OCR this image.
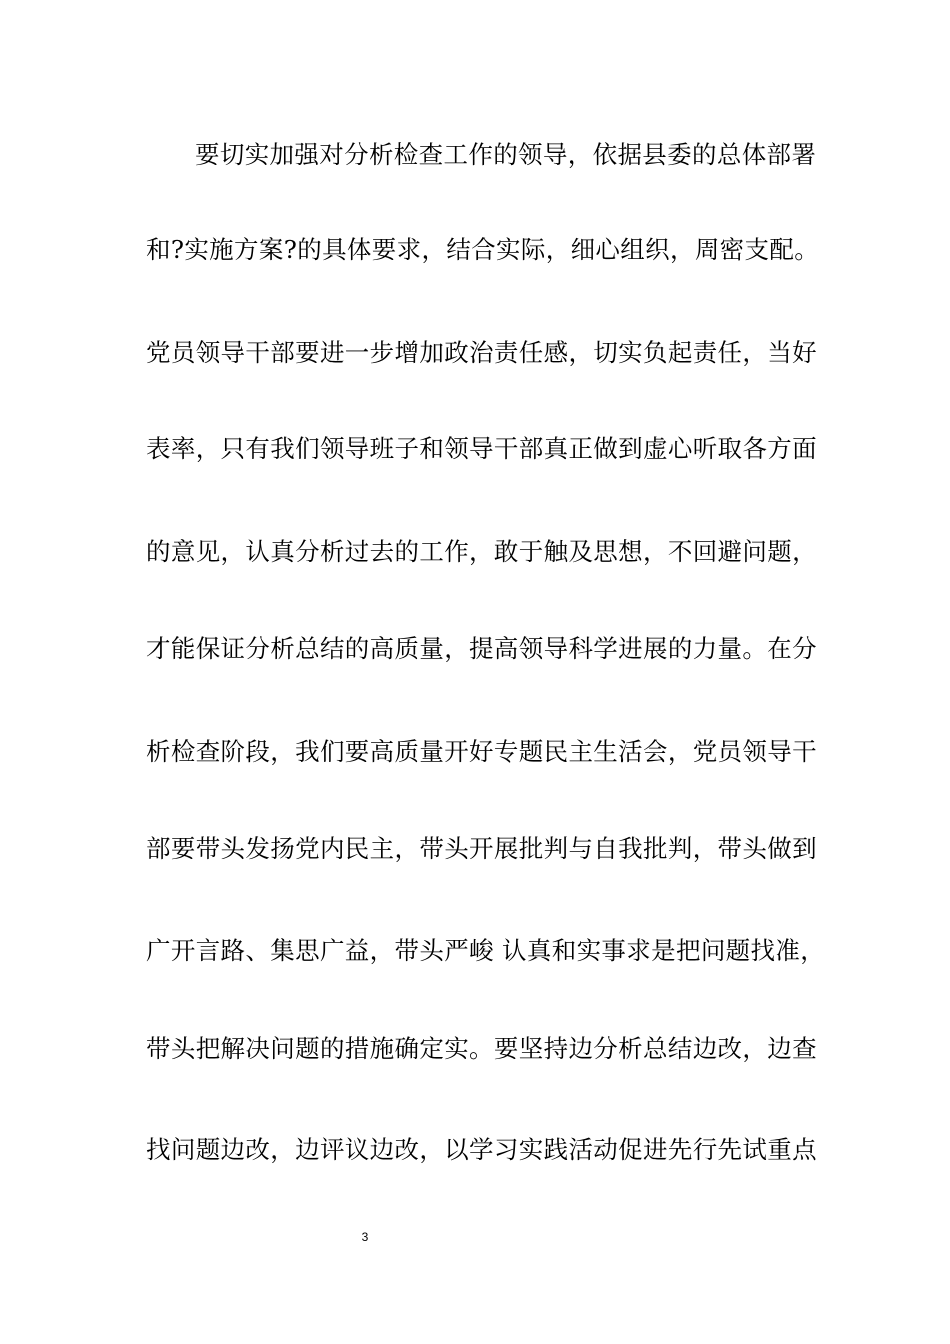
要切实加强对分析检查工作的领导，依据县委的总体部署
和?实施方案?的具体要求，结合实际，细心组织，周密支配。
党员领导干部要进一步增加政治责任感，切实负起责任，当好
表率，只有我们领导班子和领导干部真正做到虚心听取各方面
的意见，认真分析过去的工作，敢于触及思想，不回避问题，
才能保证分析总结的高质量，提高领导科学进展的力量。在分
析检查阶段，我们要高质量开好专题民主生活会，党员领导干
部要带头发扬党内民主，带头开展批判与自我批判，带头做到
广开言路、集思广益，带头严峻 认真和实事求是把问题找准，
带头把解决问题的措施确定实。要坚持边分析总结边改，边查
找问题边改，边评议边改，以学习实践活动促进先行先试重点
3
